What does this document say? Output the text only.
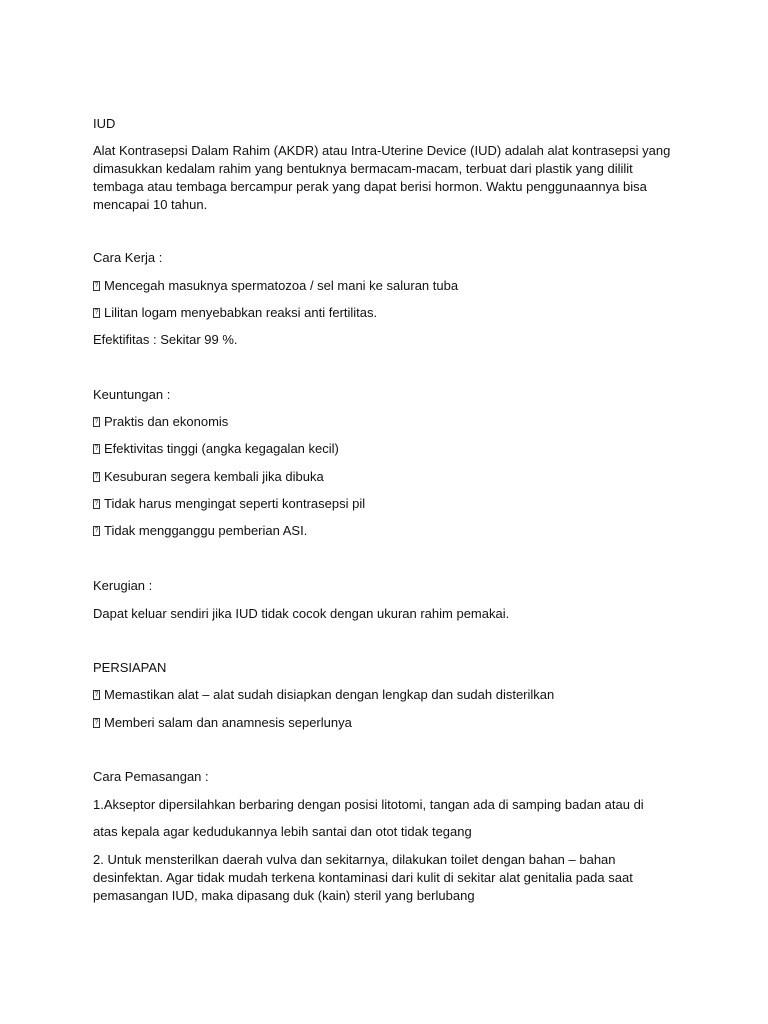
IUD
Alat Kontrasepsi Dalam Rahim (AKDR) atau Intra-Uterine Device (IUD) adalah alat kontrasepsi yang
dimasukkan kedalam rahim yang bentuknya bermacam-macam, terbuat dari plastik yang dililit
tembaga atau tembaga bercampur perak yang dapat berisi hormon. Waktu penggunaannya bisa
mencapai 10 tahun.
Cara Kerja :
?Mencegah masuknya spermatozoa / sel mani ke saluran tuba
?Lilitan logam menyebabkan reaksi anti fertilitas.
Efektifitas : Sekitar 99 %.
Keuntungan :
?Praktis dan ekonomis
?Efektivitas tinggi (angka kegagalan kecil)
?Kesuburan segera kembali jika dibuka
?Tidak harus mengingat seperti kontrasepsi pil
?Tidak mengganggu pemberian ASI.
Kerugian :
Dapat keluar sendiri jika IUD tidak cocok dengan ukuran rahim pemakai.
PERSIAPAN
?Memastikan alat – alat sudah disiapkan dengan lengkap dan sudah disterilkan
?Memberi salam dan anamnesis seperlunya
Cara Pemasangan :
1.Akseptor dipersilahkan berbaring dengan posisi litotomi, tangan ada di samping badan atau di
atas kepala agar kedudukannya lebih santai dan otot tidak tegang
2. Untuk mensterilkan daerah vulva dan sekitarnya, dilakukan toilet dengan bahan – bahan
desinfektan. Agar tidak mudah terkena kontaminasi dari kulit di sekitar alat genitalia pada saat
pemasangan IUD, maka dipasang duk (kain) steril yang berlubang
